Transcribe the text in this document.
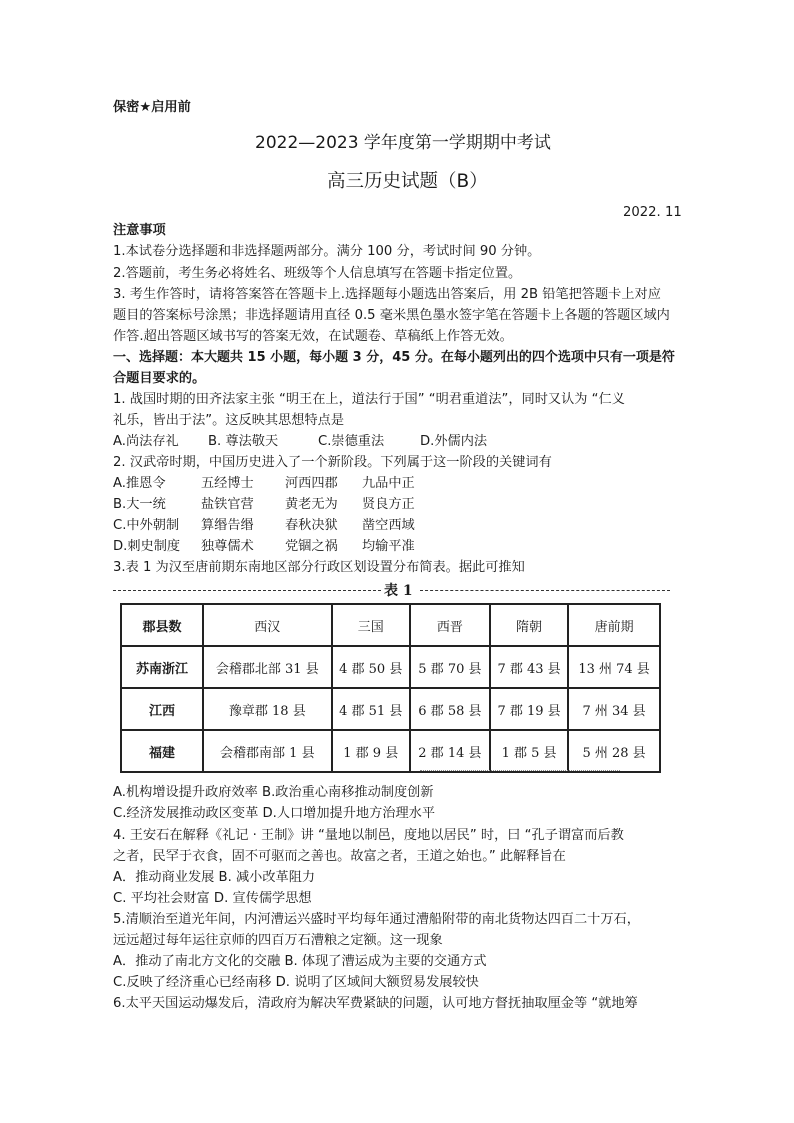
保密★启用前
2022—2023 学年度第一学期期中考试
高三历史试题（B）
2022. 11
注意事项
1.本试卷分选择题和非选择题两部分。满分 100 分，考试时间 90 分钟。
2.答题前，考生务必将姓名、班级等个人信息填写在答题卡指定位置。
3. 考生作答时，请将答案答在答题卡上.选择题每小题选出答案后，用 2B 铅笔把答题卡上对应
题目的答案标号涂黑；非选择题请用直径 0.5 毫米黑色墨水签字笔在答题卡上各题的答题区域内
作答.超出答题区域书写的答案无效，在试题卷、草稿纸上作答无效。
一、选择题：本大题共 15 小题，每小题 3 分，45 分。在每小题列出的四个选项中只有一项是符
合题目要求的。
1. 战国时期的田齐法家主张 “明王在上，道法行于国” “明君重道法”，同时又认为 “仁义
礼乐，皆出于法”。这反映其思想特点是
A.尚法存礼 B. 尊法敬天	C.崇德重法	D.外儒内法
2. 汉武帝时期，中国历史进入了一个新阶段。下列属于这一阶段的关键词有
A.推恩令	五经博士 河西四郡 九品中正
B.大一统	盐铁官营 黄老无为 贤良方正
C.中外朝制 算缗告缗 春秋决狱 凿空西域
D.刺史制度 独尊儒术 党锢之祸 均输平准
3.表 1 为汉至唐前期东南地区部分行政区划设置分布简表。据此可推知
表 1
郡县数	西汉	三国	西晋	隋朝	唐前期
苏南浙江	会稽郡北部 31 县	4 郡 50 县	5 郡 70 县	7 郡 43 县	13 州 74 县
江西	豫章郡 18 县	4 郡 51 县	6 郡 58 县	7 郡 19 县	7 州 34 县
福建	会稽郡南部 1 县	1 郡 9 县	2 郡 14 县	1 郡 5 县	5 州 28 县
A.机构增设提升政府效率 B.政治重心南移推动制度创新
C.经济发展推动政区变革 D.人口增加提升地方治理水平
4. 王安石在解释《礼记 · 王制》讲 “量地以制邑，度地以居民” 时，曰 “孔子谓富而后教
之者，民罕于衣食，固不可驱而之善也。故富之者，王道之始也。” 此解释旨在
A．推动商业发展 B. 减小改革阻力
C. 平均社会财富 D. 宣传儒学思想
5.清顺治至道光年间，内河漕运兴盛时平均每年通过漕船附带的南北货物达四百二十万石，
远远超过每年运往京师的四百万石漕粮之定额。这一现象
A．推动了南北方文化的交融 B. 体现了漕运成为主要的交通方式
C.反映了经济重心已经南移 D. 说明了区域间大额贸易发展较快
6.太平天国运动爆发后，清政府为解决军费紧缺的问题，认可地方督抚抽取厘金等 “就地筹
